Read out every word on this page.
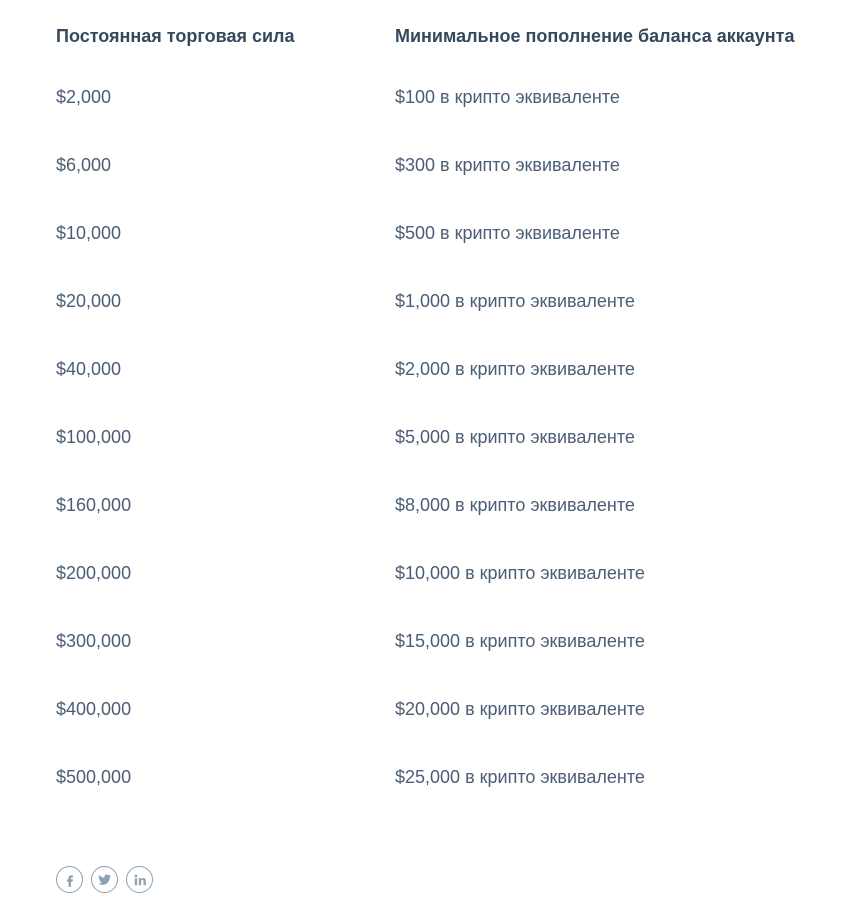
Постоянная торговая сила	Минимальное пополнение баланса аккаунта
$2,000	$100 в крипто эквиваленте
$6,000	$300 в крипто эквиваленте
$10,000	$500 в крипто эквиваленте
$20,000	$1,000 в крипто эквиваленте
$40,000	$2,000 в крипто эквиваленте
$100,000	$5,000 в крипто эквиваленте
$160,000	$8,000 в крипто эквиваленте
$200,000	$10,000 в крипто эквиваленте
$300,000	$15,000 в крипто эквиваленте
$400,000	$20,000 в крипто эквиваленте
$500,000	$25,000 в крипто эквиваленте
